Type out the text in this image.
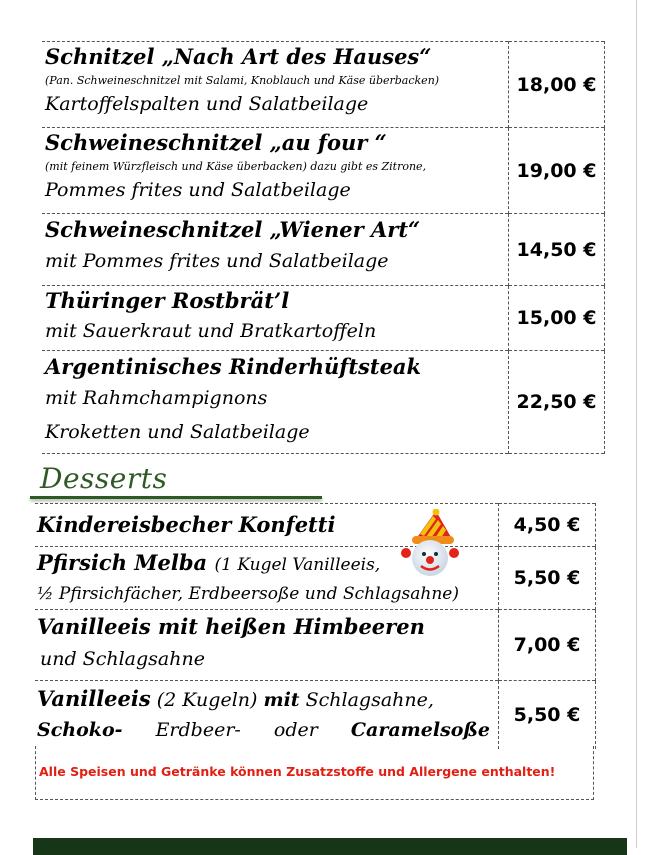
Schnitzel „Nach Art des Hauses“
(Pan. Schweineschnitzel mit Salami, Knoblauch und Käse überbacken)
Kartoffelspalten und Salatbeilage	18,00 €

Schweineschnitzel „au four “
(mit feinem Würzfleisch und Käse überbacken) dazu gibt es Zitrone,
Pommes frites und Salatbeilage	19,00 €

Schweineschnitzel „Wiener Art“
mit Pommes frites und Salatbeilage	14,50 €

Thüringer Rostbrät’l
mit Sauerkraut und Bratkartoffeln	15,00 €

Argentinisches Rinderhüftsteak
mit Rahmchampignons
Kroketten und Salatbeilage	22,50 €
Desserts
Kindereisbecher Konfetti	4,50 €

Pfirsich Melba (1 Kugel Vanilleeis,
½ Pfirsichfächer, Erdbeersoße und Schlagsahne)	5,50 €

Vanilleeis mit heißen Himbeeren
und Schlagsahne	7,00 €

Vanilleeis (2 Kugeln) mit Schlagsahne,
Schoko- Erdbeer- oder Caramelsoße	5,50 €
Alle Speisen und Getränke können Zusatzstoffe und Allergene enthalten!
